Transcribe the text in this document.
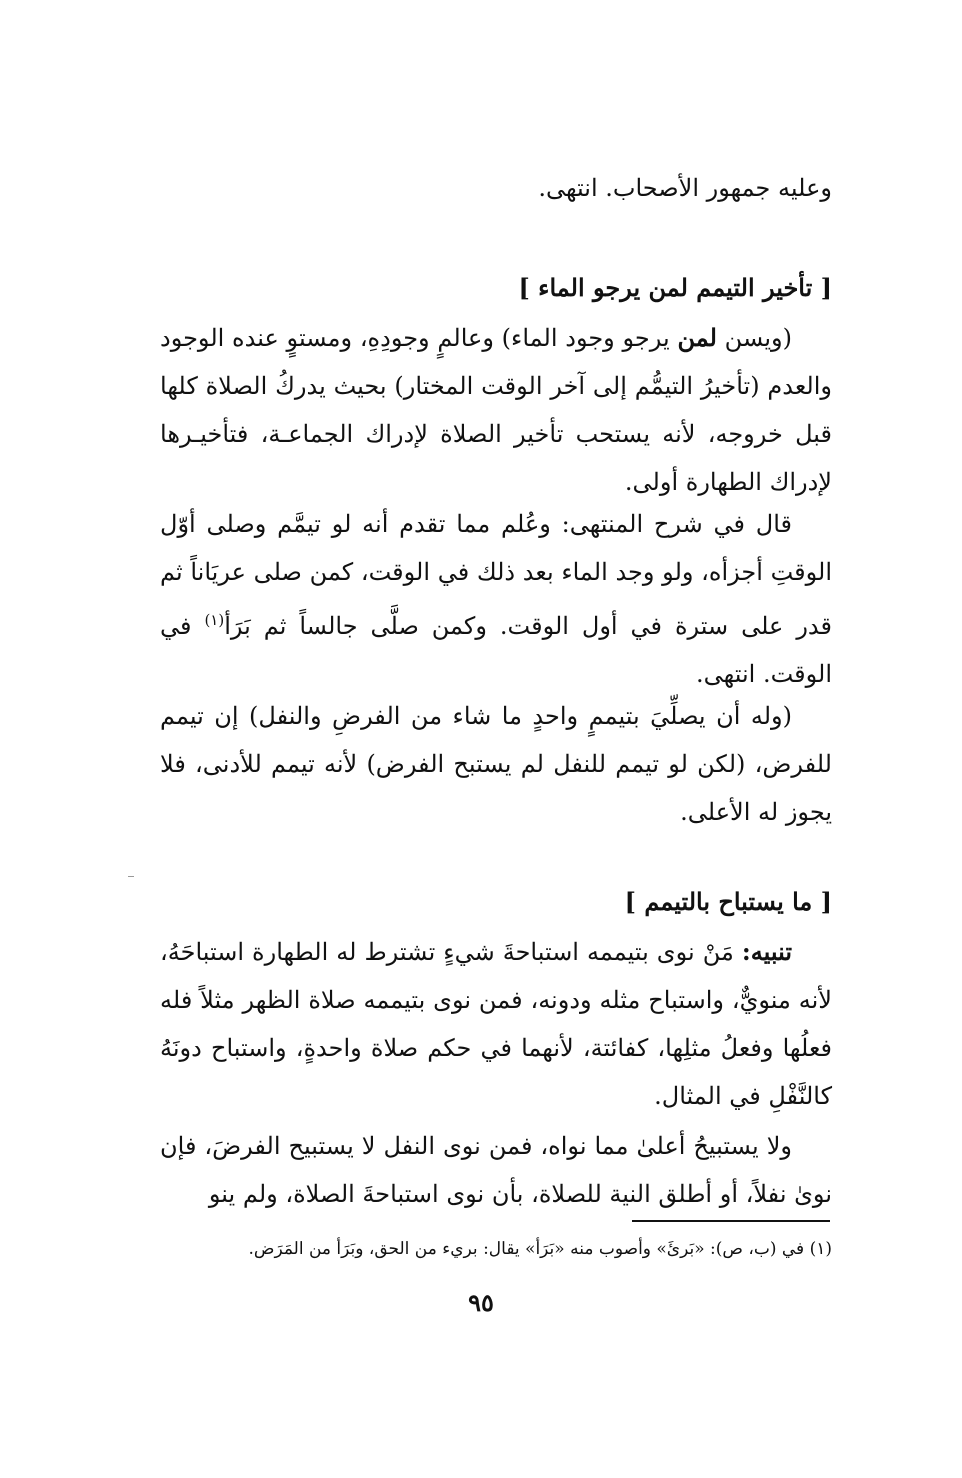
وعليه جمهور الأصحاب. انتهى.

[ تأخير التيمم لمن يرجو الماء ]

(ويسن لمن يرجو وجود الماء) وعالمٍ وجودِهِ، ومستوٍ عنده الوجود والعدم (تأخيرُ التيمُّم إلى آخر الوقت المختار) بحيث يدركُ الصلاة كلها قبل خروجه، لأنه يستحب تأخير الصلاة لإدراك الجماعـة، فتأخيـرها لإدراك الطهارة أولى.

قال في شرح المنتهى: وعُلم مما تقدم أنه لو تيمَّم وصلى أوّل الوقتِ أجزأه، ولو وجد الماء بعد ذلك في الوقت، كمن صلى عريَاناً ثم قدر على سترة في أول الوقت. وكمن صلَّى جالساً ثم بَرَأ$^{(١)}$ في الوقت. انتهى.

(وله أن يصلِّيَ بتيممٍ واحدٍ ما شاء من الفرضِ والنفل) إن تيمم للفرض، (لكن لو تيمم للنفل لم يستبح الفرض) لأنه تيمم للأدنى، فلا يجوز له الأعلى.

[ ما يستباح بالتيمم ]

تنبيه: مَنْ نوى بتيممه استباحةَ شيءٍ تشترط له الطهارة استباحَهُ، لأنه منويٌّ، واستباح مثله ودونه، فمن نوى بتيممه صلاة الظهر مثلاً فله فعلُها وفعلُ مثلِها، كفائتة، لأنهما في حكم صلاة واحدةٍ، واستباح دونَهُ كالنَّفْلِ في المثال.

ولا يستبيحُ أعلىٰ مما نواه، فمن نوى النفل لا يستبيح الفرضَ، فإن نوىٰ نفلاً، أو أطلق النية للصلاة، بأن نوى استباحةَ الصلاة، ولم ينو

(١) في (ب، ص): «بَرئَ» وأصوب منه «بَرَأ» يقال: بريء من الحق، وبَرَأ من المَرَض.

٩٥
